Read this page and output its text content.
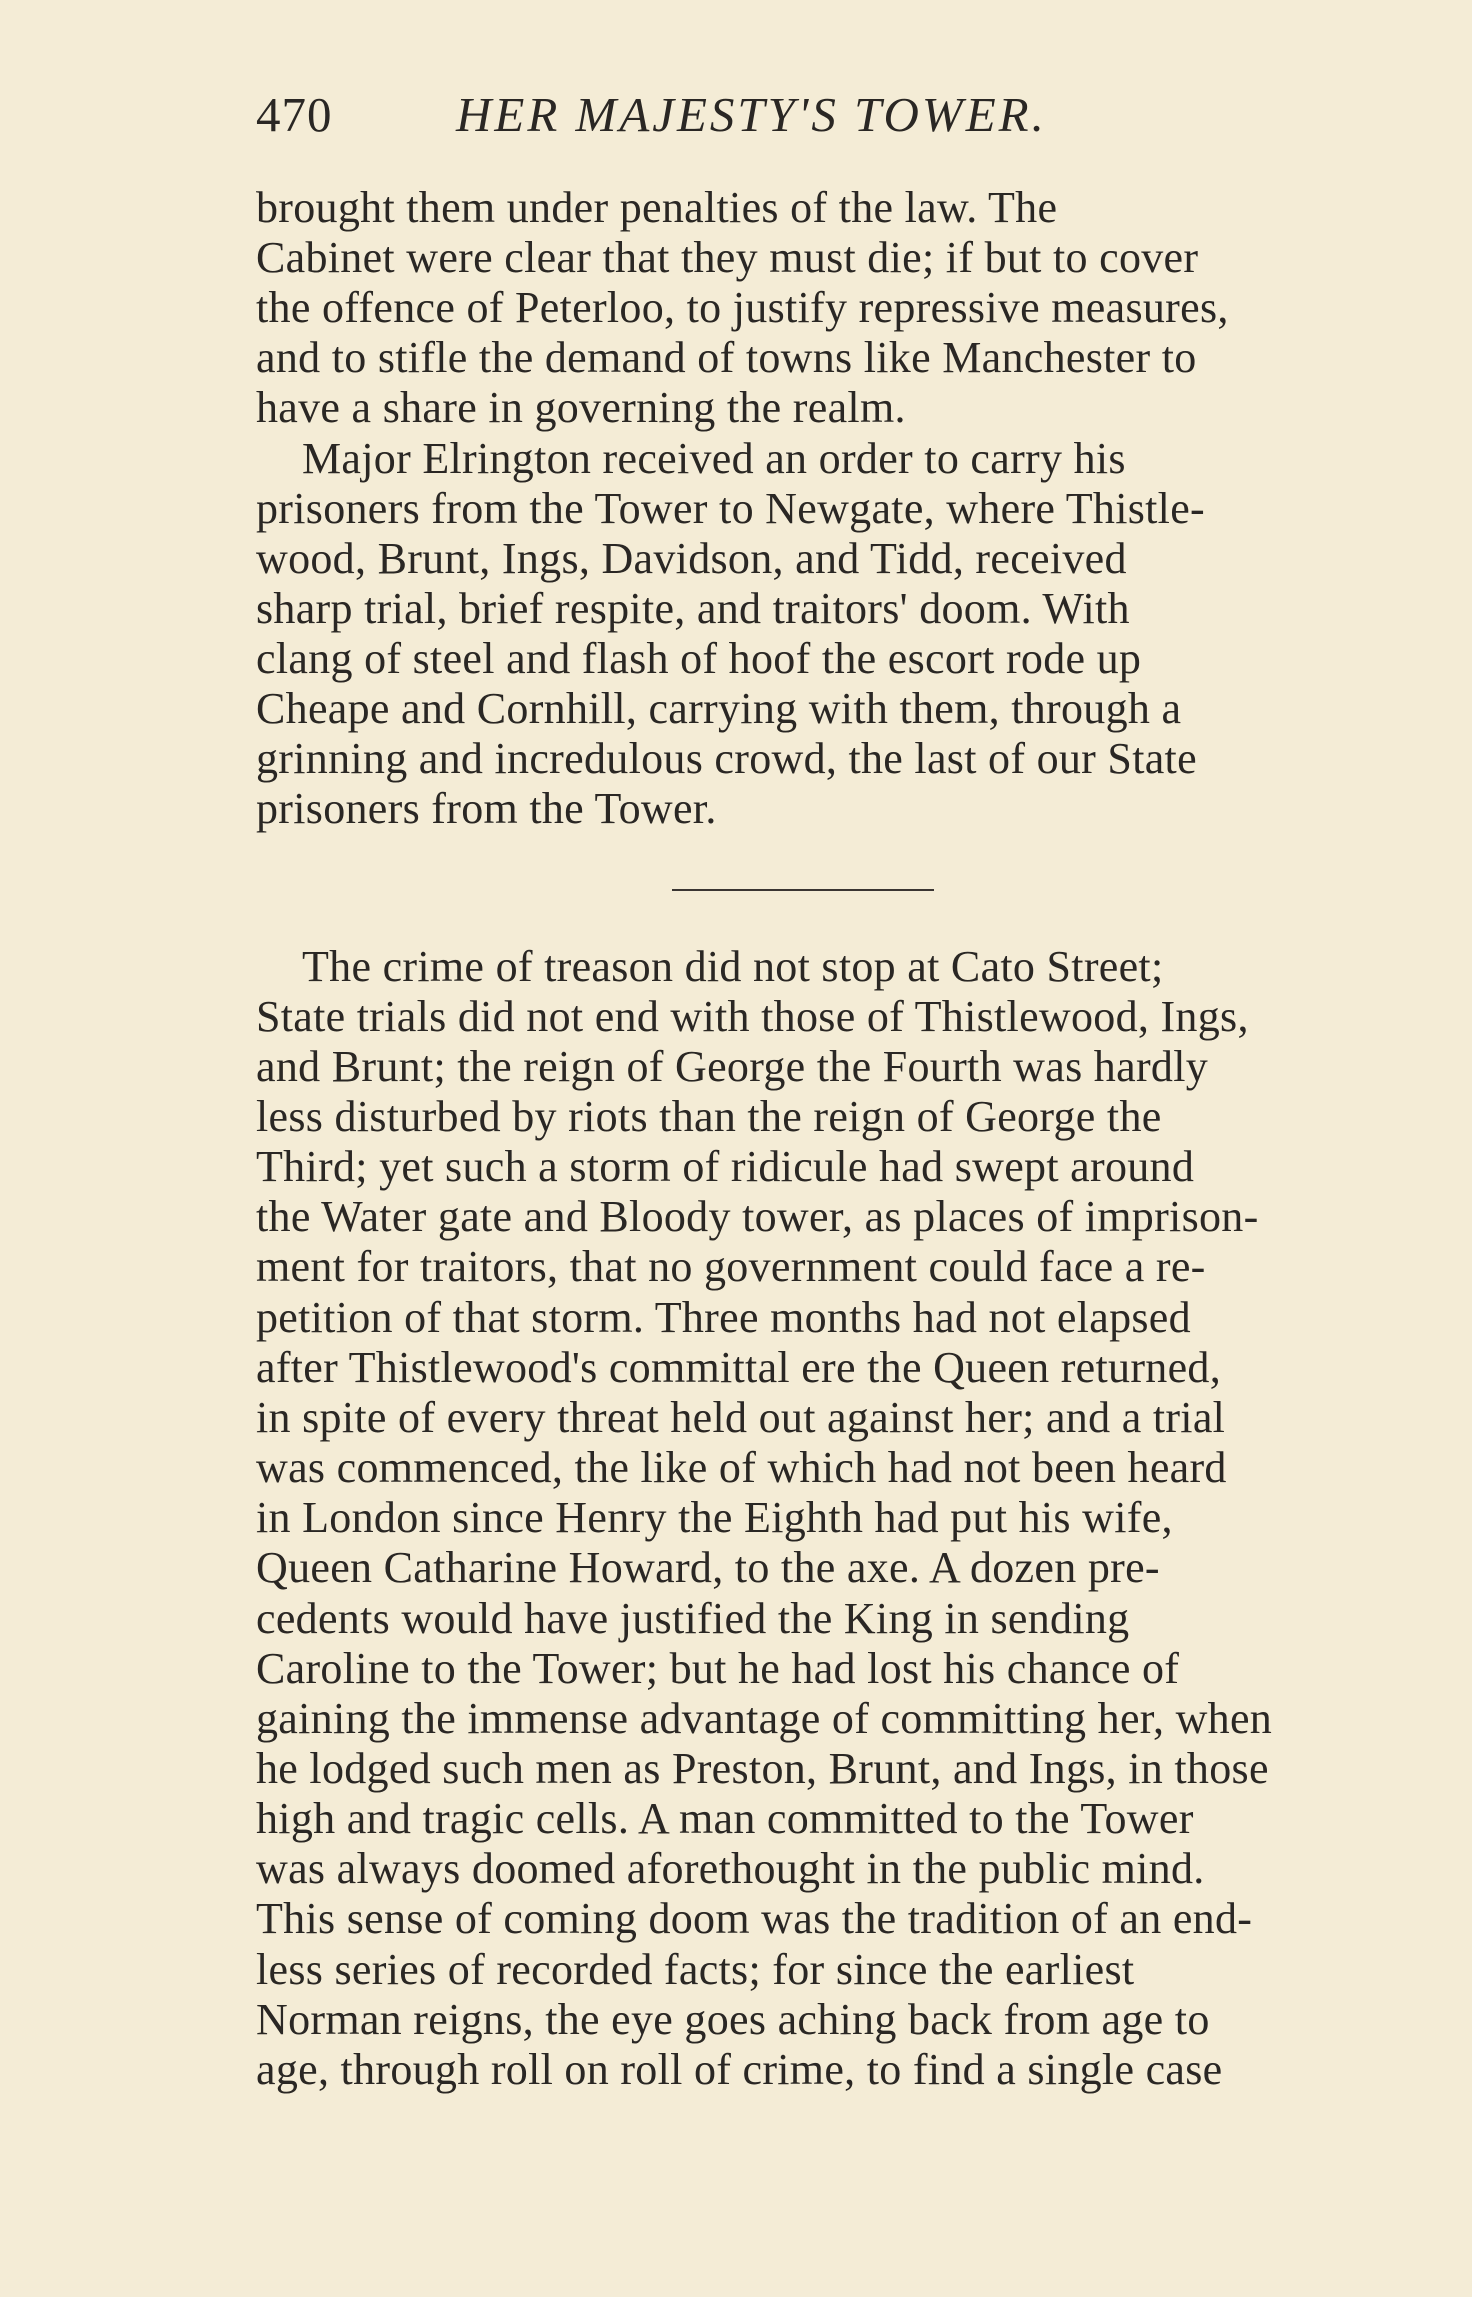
470	HER MAJESTY'S TOWER.
brought them under penalties of the law. The
Cabinet were clear that they must die; if but to cover
the offence of Peterloo, to justify repressive measures,
and to stifle the demand of towns like Manchester to
have a share in governing the realm.
Major Elrington received an order to carry his
prisoners from the Tower to Newgate, where Thistle-
wood, Brunt, Ings, Davidson, and Tidd, received
sharp trial, brief respite, and traitors' doom. With
clang of steel and flash of hoof the escort rode up
Cheape and Cornhill, carrying with them, through a
grinning and incredulous crowd, the last of our State
prisoners from the Tower.
The crime of treason did not stop at Cato Street;
State trials did not end with those of Thistlewood, Ings,
and Brunt; the reign of George the Fourth was hardly
less disturbed by riots than the reign of George the
Third; yet such a storm of ridicule had swept around
the Water gate and Bloody tower, as places of imprison-
ment for traitors, that no government could face a re-
petition of that storm. Three months had not elapsed
after Thistlewood's committal ere the Queen returned,
in spite of every threat held out against her; and a trial
was commenced, the like of which had not been heard
in London since Henry the Eighth had put his wife,
Queen Catharine Howard, to the axe. A dozen pre-
cedents would have justified the King in sending
Caroline to the Tower; but he had lost his chance of
gaining the immense advantage of committing her, when
he lodged such men as Preston, Brunt, and Ings, in those
high and tragic cells. A man committed to the Tower
was always doomed aforethought in the public mind.
This sense of coming doom was the tradition of an end-
less series of recorded facts; for since the earliest
Norman reigns, the eye goes aching back from age to
age, through roll on roll of crime, to find a single case
